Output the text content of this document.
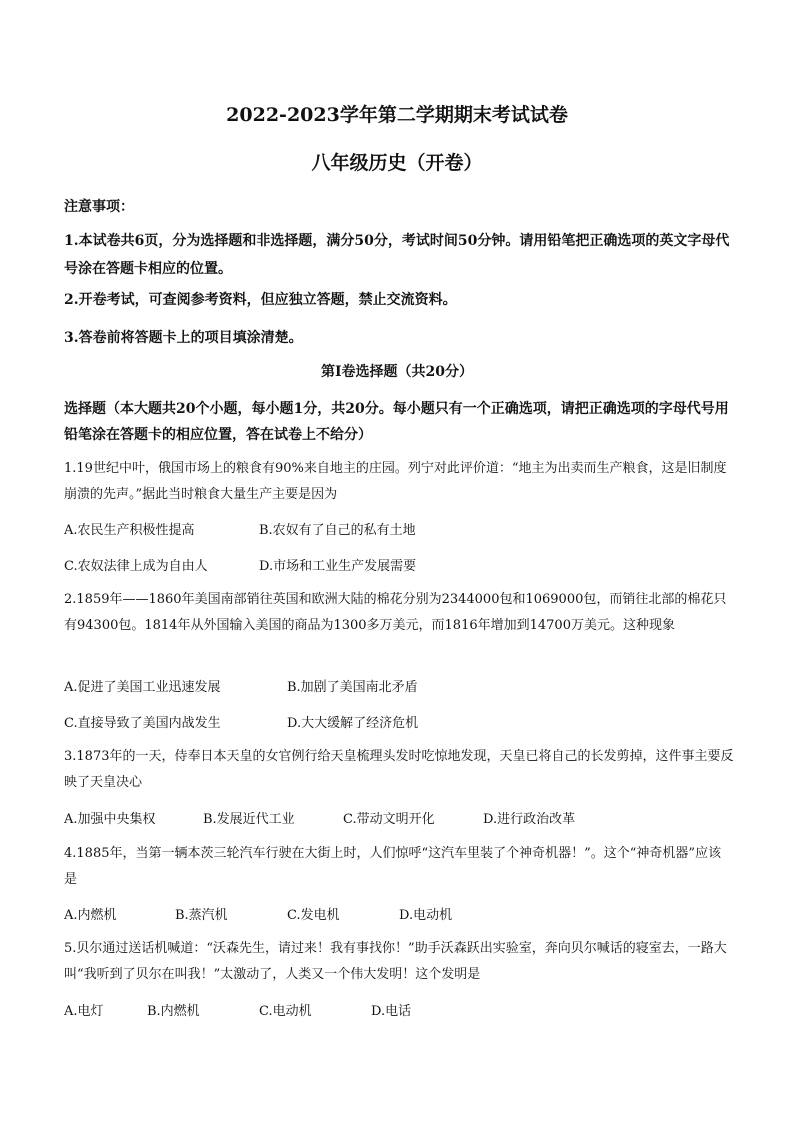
2022-2023学年第二学期期末考试试卷
八年级历史（开卷）
注意事项：
1.本试卷共6页，分为选择题和非选择题，满分50分，考试时间50分钟。请用铅笔把正确选项的英文字母代号涂在答题卡相应的位置。
2.开卷考试，可查阅参考资料，但应独立答题，禁止交流资料。
3.答卷前将答题卡上的项目填涂清楚。
第Ⅰ卷选择题（共20分）
选择题（本大题共20个小题，每小题1分，共20分。每小题只有一个正确选项，请把正确选项的字母代号用铅笔涂在答题卡的相应位置，答在试卷上不给分）
1.19世纪中叶，俄国市场上的粮食有90%来自地主的庄园。列宁对此评价道：“地主为出卖而生产粮食，这是旧制度崩溃的先声。”据此当时粮食大量生产主要是因为
A.农民生产积极性提高	B.农奴有了自己的私有土地
C.农奴法律上成为自由人	D.市场和工业生产发展需要
2.1859年——1860年美国南部销往英国和欧洲大陆的棉花分别为2344000包和1069000包，而销往北部的棉花只有94300包。1814年从外国输入美国的商品为1300多万美元，而1816年增加到14700万美元。这种现象
A.促进了美国工业迅速发展	B.加剧了美国南北矛盾
C.直接导致了美国内战发生	D.大大缓解了经济危机
3.1873年的一天，侍奉日本天皇的女官例行给天皇梳理头发时吃惊地发现，天皇已将自己的长发剪掉，这件事主要反映了天皇决心
A.加强中央集权	B.发展近代工业	C.带动文明开化	D.进行政治改革
4.1885年，当第一辆本茨三轮汽车行驶在大街上时，人们惊呼“这汽车里装了个神奇机器！”。这个“神奇机器”应该是
A.内燃机	B.蒸汽机	C.发电机	D.电动机
5.贝尔通过送话机喊道：“沃森先生，请过来！我有事找你！”助手沃森跃出实验室，奔向贝尔喊话的寝室去，一路大叫“我听到了贝尔在叫我！”太激动了，人类又一个伟大发明！这个发明是
A.电灯	B.内燃机	C.电动机	D.电话
